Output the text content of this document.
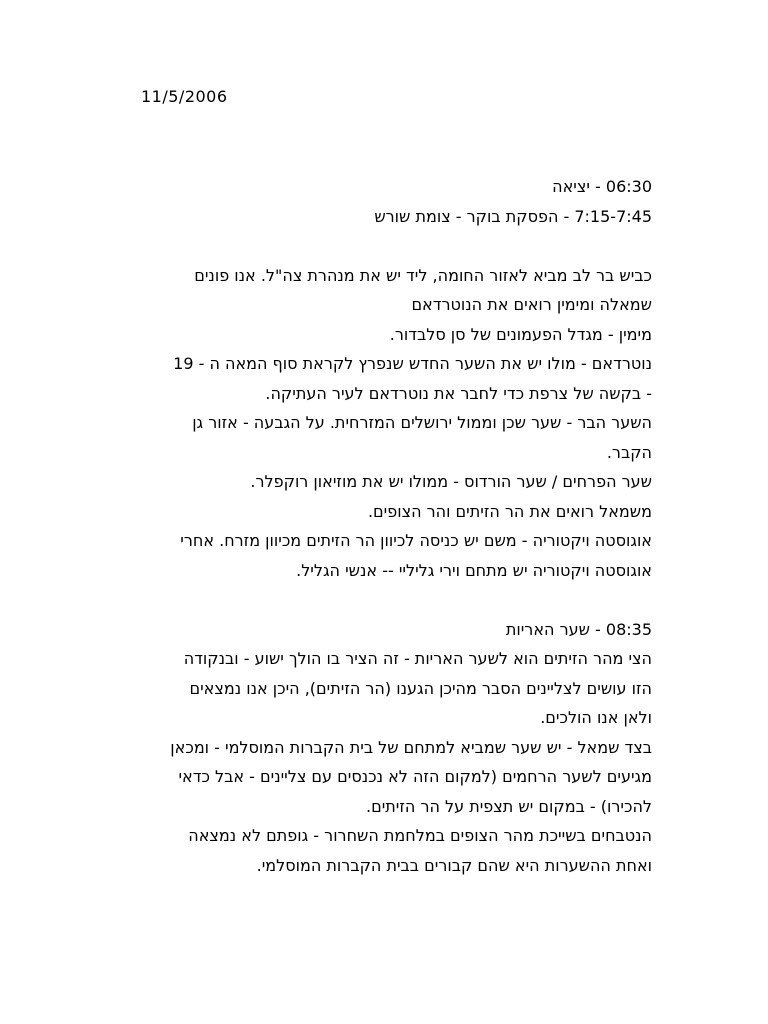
11/5/2006
06:30 - יציאה
7:15-7:45 - הפסקת בוקר - צומת שורש
כביש בר לב מביא לאזור החומה, ליד יש את מנהרת צה"ל. אנו פונים
שמאלה ומימין רואים את הנוטרדאם
מימין - מגדל הפעמונים של סן סלבדור.
נוטרדאם - מולו יש את השער החדש שנפרץ לקראת סוף המאה ה - 19
- בקשה של צרפת כדי לחבר את נוטרדאם לעיר העתיקה.
השער הבר - שער שכן וממול ירושלים המזרחית. על הגבעה - אזור גן
הקבר.
שער הפרחים / שער הורדוס - ממולו יש את מוזיאון רוקפלר.
משמאל רואים את הר הזיתים והר הצופים.
אוגוסטה ויקטוריה - משם יש כניסה לכיוון הר הזיתים מכיוון מזרח. אחרי
אוגוסטה ויקטוריה יש מתחם וירי גליליי -- אנשי הגליל.
08:35 - שער האריות
הצי מהר הזיתים הוא לשער האריות - זה הציר בו הולך ישוע - ובנקודה
הזו עושים לצליינים הסבר מהיכן הגענו (הר הזיתים), היכן אנו נמצאים
ולאן אנו הולכים.
בצד שמאל - יש שער שמביא למתחם של בית הקברות המוסלמי - ומכאן
מגיעים לשער הרחמים (למקום הזה לא נכנסים עם צליינים - אבל כדאי
להכירו) - במקום יש תצפית על הר הזיתים.
הנטבחים בשייכת מהר הצופים במלחמת השחרור - גופתם לא נמצאה
ואחת ההשערות היא שהם קבורים בבית הקברות המוסלמי.
